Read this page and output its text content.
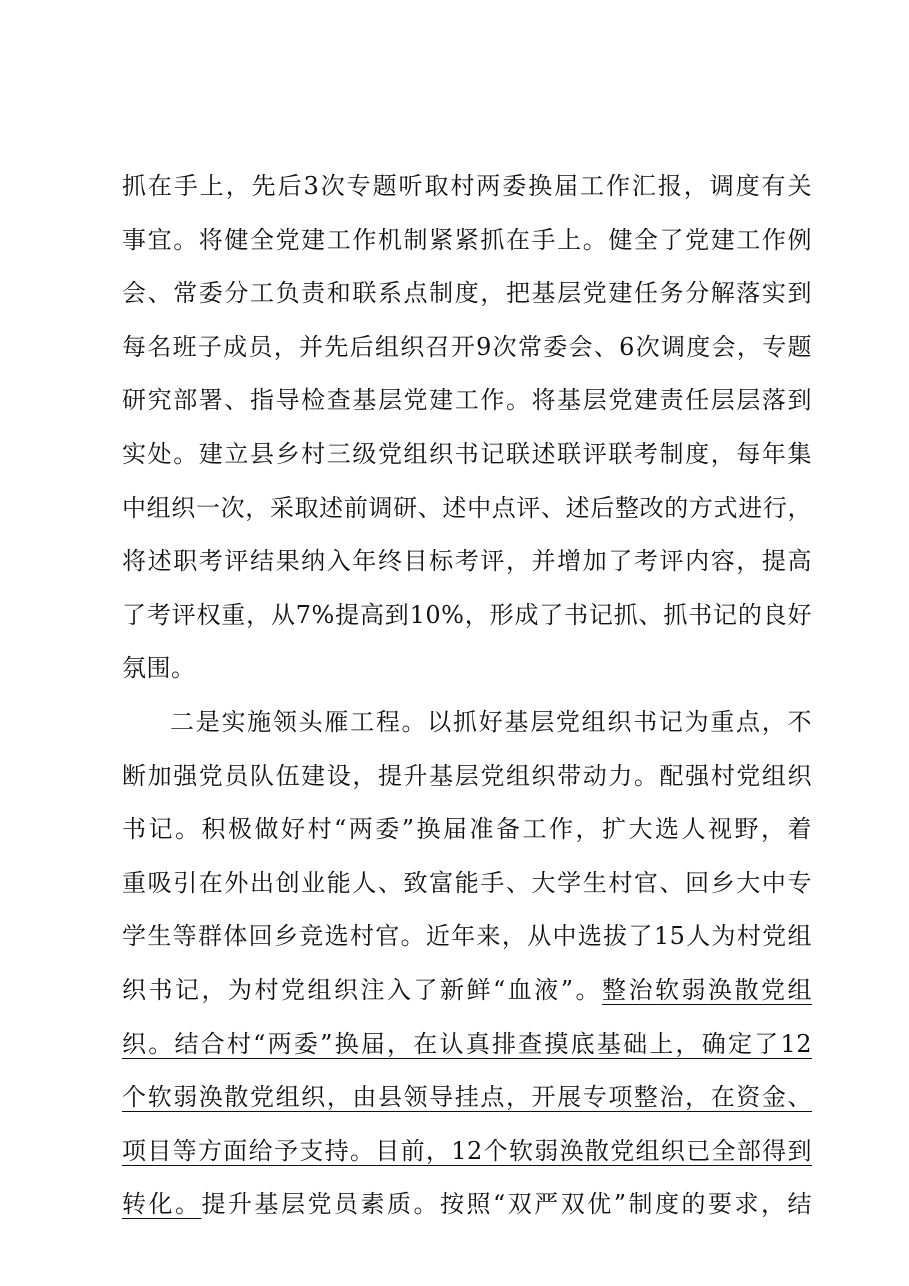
抓在手上，先后3次专题听取村两委换届工作汇报，调度有关
事宜。将健全党建工作机制紧紧抓在手上。健全了党建工作例
会、常委分工负责和联系点制度，把基层党建任务分解落实到
每名班子成员，并先后组织召开9次常委会、6次调度会，专题
研究部署、指导检查基层党建工作。将基层党建责任层层落到
实处。建立县乡村三级党组织书记联述联评联考制度，每年集
中组织一次，采取述前调研、述中点评、述后整改的方式进行，
将述职考评结果纳入年终目标考评，并增加了考评内容，提高
了考评权重，从7%提高到10%，形成了书记抓、抓书记的良好
氛围。
二是实施领头雁工程。以抓好基层党组织书记为重点，不
断加强党员队伍建设，提升基层党组织带动力。配强村党组织
书记。积极做好村“两委”换届准备工作，扩大选人视野，着
重吸引在外出创业能人、致富能手、大学生村官、回乡大中专
学生等群体回乡竞选村官。近年来，从中选拔了15人为村党组
织书记，为村党组织注入了新鲜“血液”。整治软弱涣散党组
织。结合村“两委”换届，在认真排查摸底基础上，确定了12
个软弱涣散党组织，由县领导挂点，开展专项整治，在资金、
项目等方面给予支持。目前，12个软弱涣散党组织已全部得到
转化。提升基层党员素质。按照“双严双优”制度的要求，结
